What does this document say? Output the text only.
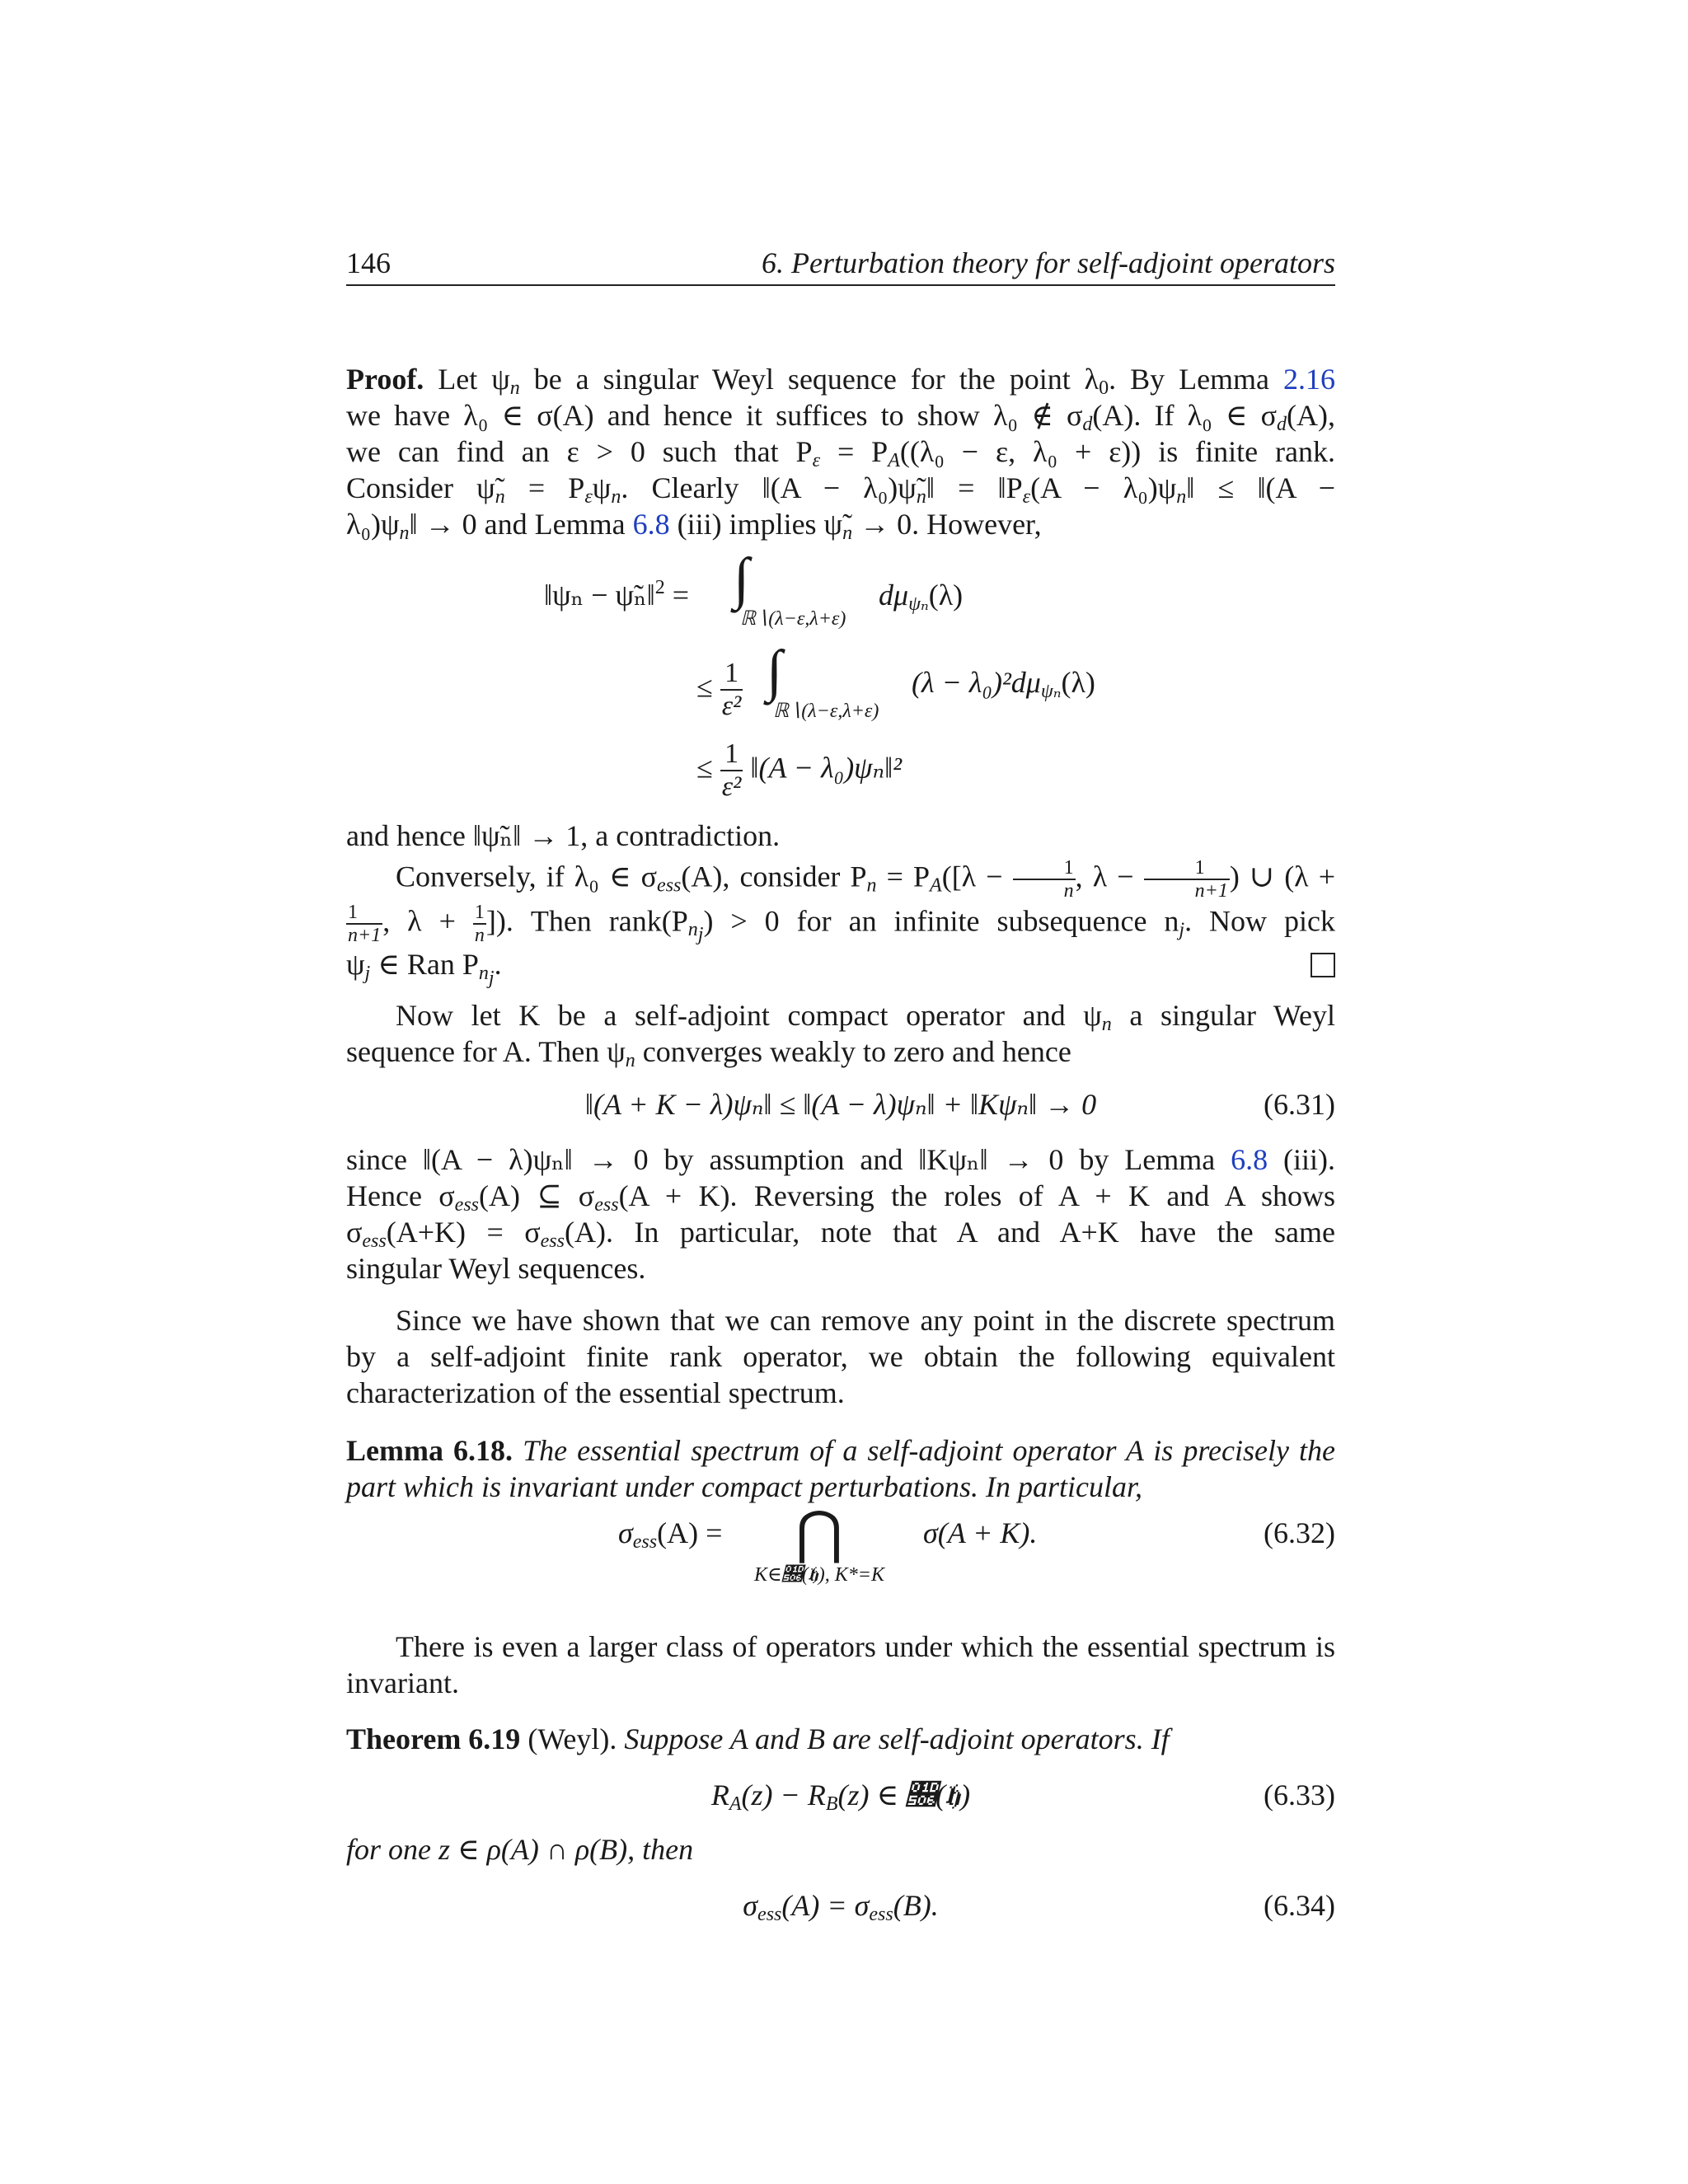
146	6. Perturbation theory for self-adjoint operators

Proof. Let $\psi_n$ be a singular Weyl sequence for the point $\lambda_0$. By Lemma 2.16

we have λ₀ ∈ σ(A) and hence it suffices to show λ₀ ∉ $\sigma_d(A)$. If λ₀ ∈ $\sigma_d(A)$,

we can find an ε > 0 such that $P_\varepsilon = P_A((\lambda_0 - \varepsilon$, λ₀ + ε)) is finite rank.

Consider $\psĩ_n = P_\varepsilon\psi_n$. Clearly ‖(A − $\lambda_0)\psĩ_n‖$ = $‖P_\varepsilon(A$ − $\lambda_0)\psi_n‖$ ≤ ‖(A −

$\lambda_0)\psi_n‖ \to 0$ and Lemma 6.8 (iii) implies $\psĩ_n \to 0$. However,

‖ψₙ − ψ̃ₙ‖$^2$ = ∫
ℝ∖(λ−ε,λ+ε)
$d\mu_{\psi_n}(\lambda)$
≤ $\frac{1}{\text{ε²}}$ ∫
ℝ∖(λ−ε,λ+ε)
$(\lambda - \lambda_0)^2d\mu_{\psi_n}(\lambda)$
≤ $\frac{1}{\text{ε²}}$ ‖(A − λ₀)ψₙ‖²

and hence ‖ψ̃ₙ‖ → 1, a contradiction.

Conversely, if λ₀ ∈ $\sigma_{ess}(A)$, consider $P_n = P_A([\lambda - \frac{1}{n}$ , $\lambda - \frac{1}{n+1}$ ) ∪ (λ +

$\frac{1}{n+1}$ , $\lambda + \frac{1}{n}$ ]). Then $rank(P_{n_j}) > 0$ for an infinite subsequence $n_j$. Now pick

$\psi_j$ ∈ Ran $P_{n_j}$.

Now let K be a self-adjoint compact operator and $\psi_n$ a singular Weyl

sequence for A. Then $\psi_n$ converges weakly to zero and hence

‖(A + K − λ)ψₙ‖ ≤ ‖(A − λ)ψₙ‖ + ‖Kψₙ‖ → 0	(6.31)

since ‖(A − λ)ψₙ‖ → 0 by assumption and ‖Kψₙ‖ → 0 by Lemma 6.8 (iii).

Hence $\sigma_{ess}(A)$ ⊆ $\sigma_{ess}(A + K)$. Reversing the roles of A + K and A shows

$\sigma_{ess}(A+K) = \sigma_{ess}(A)$. In particular, note that A and A+K have the same

singular Weyl sequences.

Since we have shown that we can remove any point in the discrete spectrum by a self-adjoint finite rank operator, we obtain the following equivalent characterization of the essential spectrum.

Lemma 6.18. The essential spectrum of a self-adjoint operator A is precisely the part which is invariant under compact perturbations. In particular,

$\sigma_{ess}(A)$ =	⋂
K∈𝔆(𝔥), K*=K
σ(A + K).	(6.32)

There is even a larger class of operators under which the essential spectrum is invariant.

Theorem 6.19 (Weyl). Suppose A and B are self-adjoint operators. If

$R_A(z) - R_B(z)$ ∈ 𝔆(𝔥)	(6.33)

for one z ∈ ρ(A) ∩ ρ(B), then

$\sigma_{ess}(A) = \sigma_{ess}(B)$.	(6.34)
